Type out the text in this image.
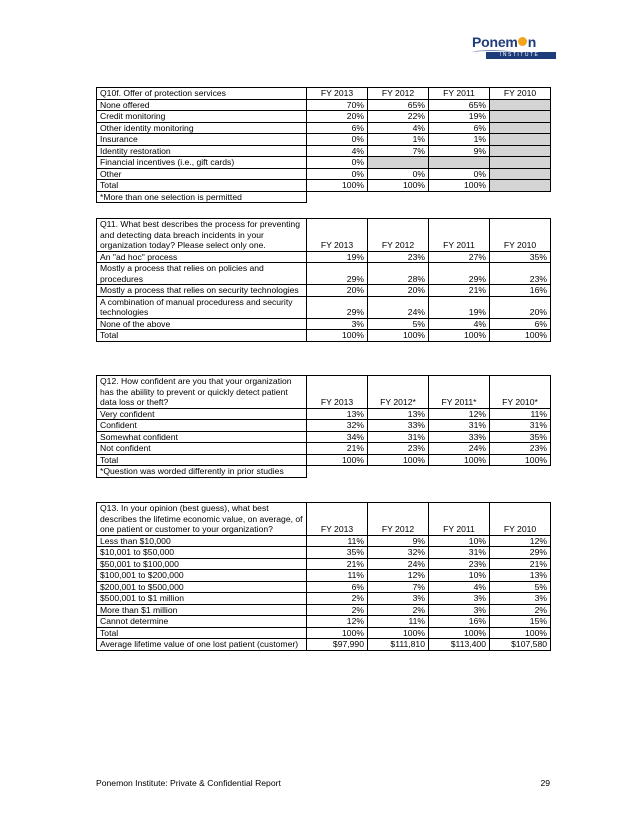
Ponem n
INSTITUTE
Q10f. Offer of protection services	FY 2013	FY 2012	FY 2011	FY 2010
None offered	70%	65%	65%	
Credit monitoring	20%	22%	19%	
Other identity monitoring	6%	4%	6%	
Insurance	0%	1%	1%	
Identity restoration	4%	7%	9%	
Financial incentives (i.e., gift cards)	0%			
Other	0%	0%	0%	
Total	100%	100%	100%	
*More than one selection is permitted				
Q11. What best describes the process for preventing and detecting data breach incidents in your organization today? Please select only one.	FY 2013	FY 2012	FY 2011	FY 2010
An "ad hoc" process	19%	23%	27%	35%
Mostly a process that relies on policies and procedures	29%	28%	29%	23%
Mostly a process that relies on security technologies	20%	20%	21%	16%
A combination of manual proceduress and security technologies	29%	24%	19%	20%
None of the above	3%	5%	4%	6%
Total	100%	100%	100%	100%
Q12. How confident are you that your organization has the abiility to prevent or quickly detect patient data loss or theft?	FY 2013	FY 2012*	FY 2011*	FY 2010*
Very confident	13%	13%	12%	11%
Confident	32%	33%	31%	31%
Somewhat confident	34%	31%	33%	35%
Not confident	21%	23%	24%	23%
Total	100%	100%	100%	100%
*Question was worded differently in prior studies				
Q13. In your opinion (best guess), what best describes the lifetime economic value, on average, of one patient or customer to your organization?	FY 2013	FY 2012	FY 2011	FY 2010
Less than $10,000	11%	9%	10%	12%
$10,001 to $50,000	35%	32%	31%	29%
$50,001 to $100,000	21%	24%	23%	21%
$100,001 to $200,000	11%	12%	10%	13%
$200,001 to $500,000	6%	7%	4%	5%
$500,001 to $1 million	2%	3%	3%	3%
More than $1 million	2%	2%	3%	2%
Cannot determine	12%	11%	16%	15%
Total	100%	100%	100%	100%
Average lifetime value of one lost patient (customer)	$97,990	$111,810	$113,400	$107,580
Ponemon Institute: Private & Confidential Report	29
